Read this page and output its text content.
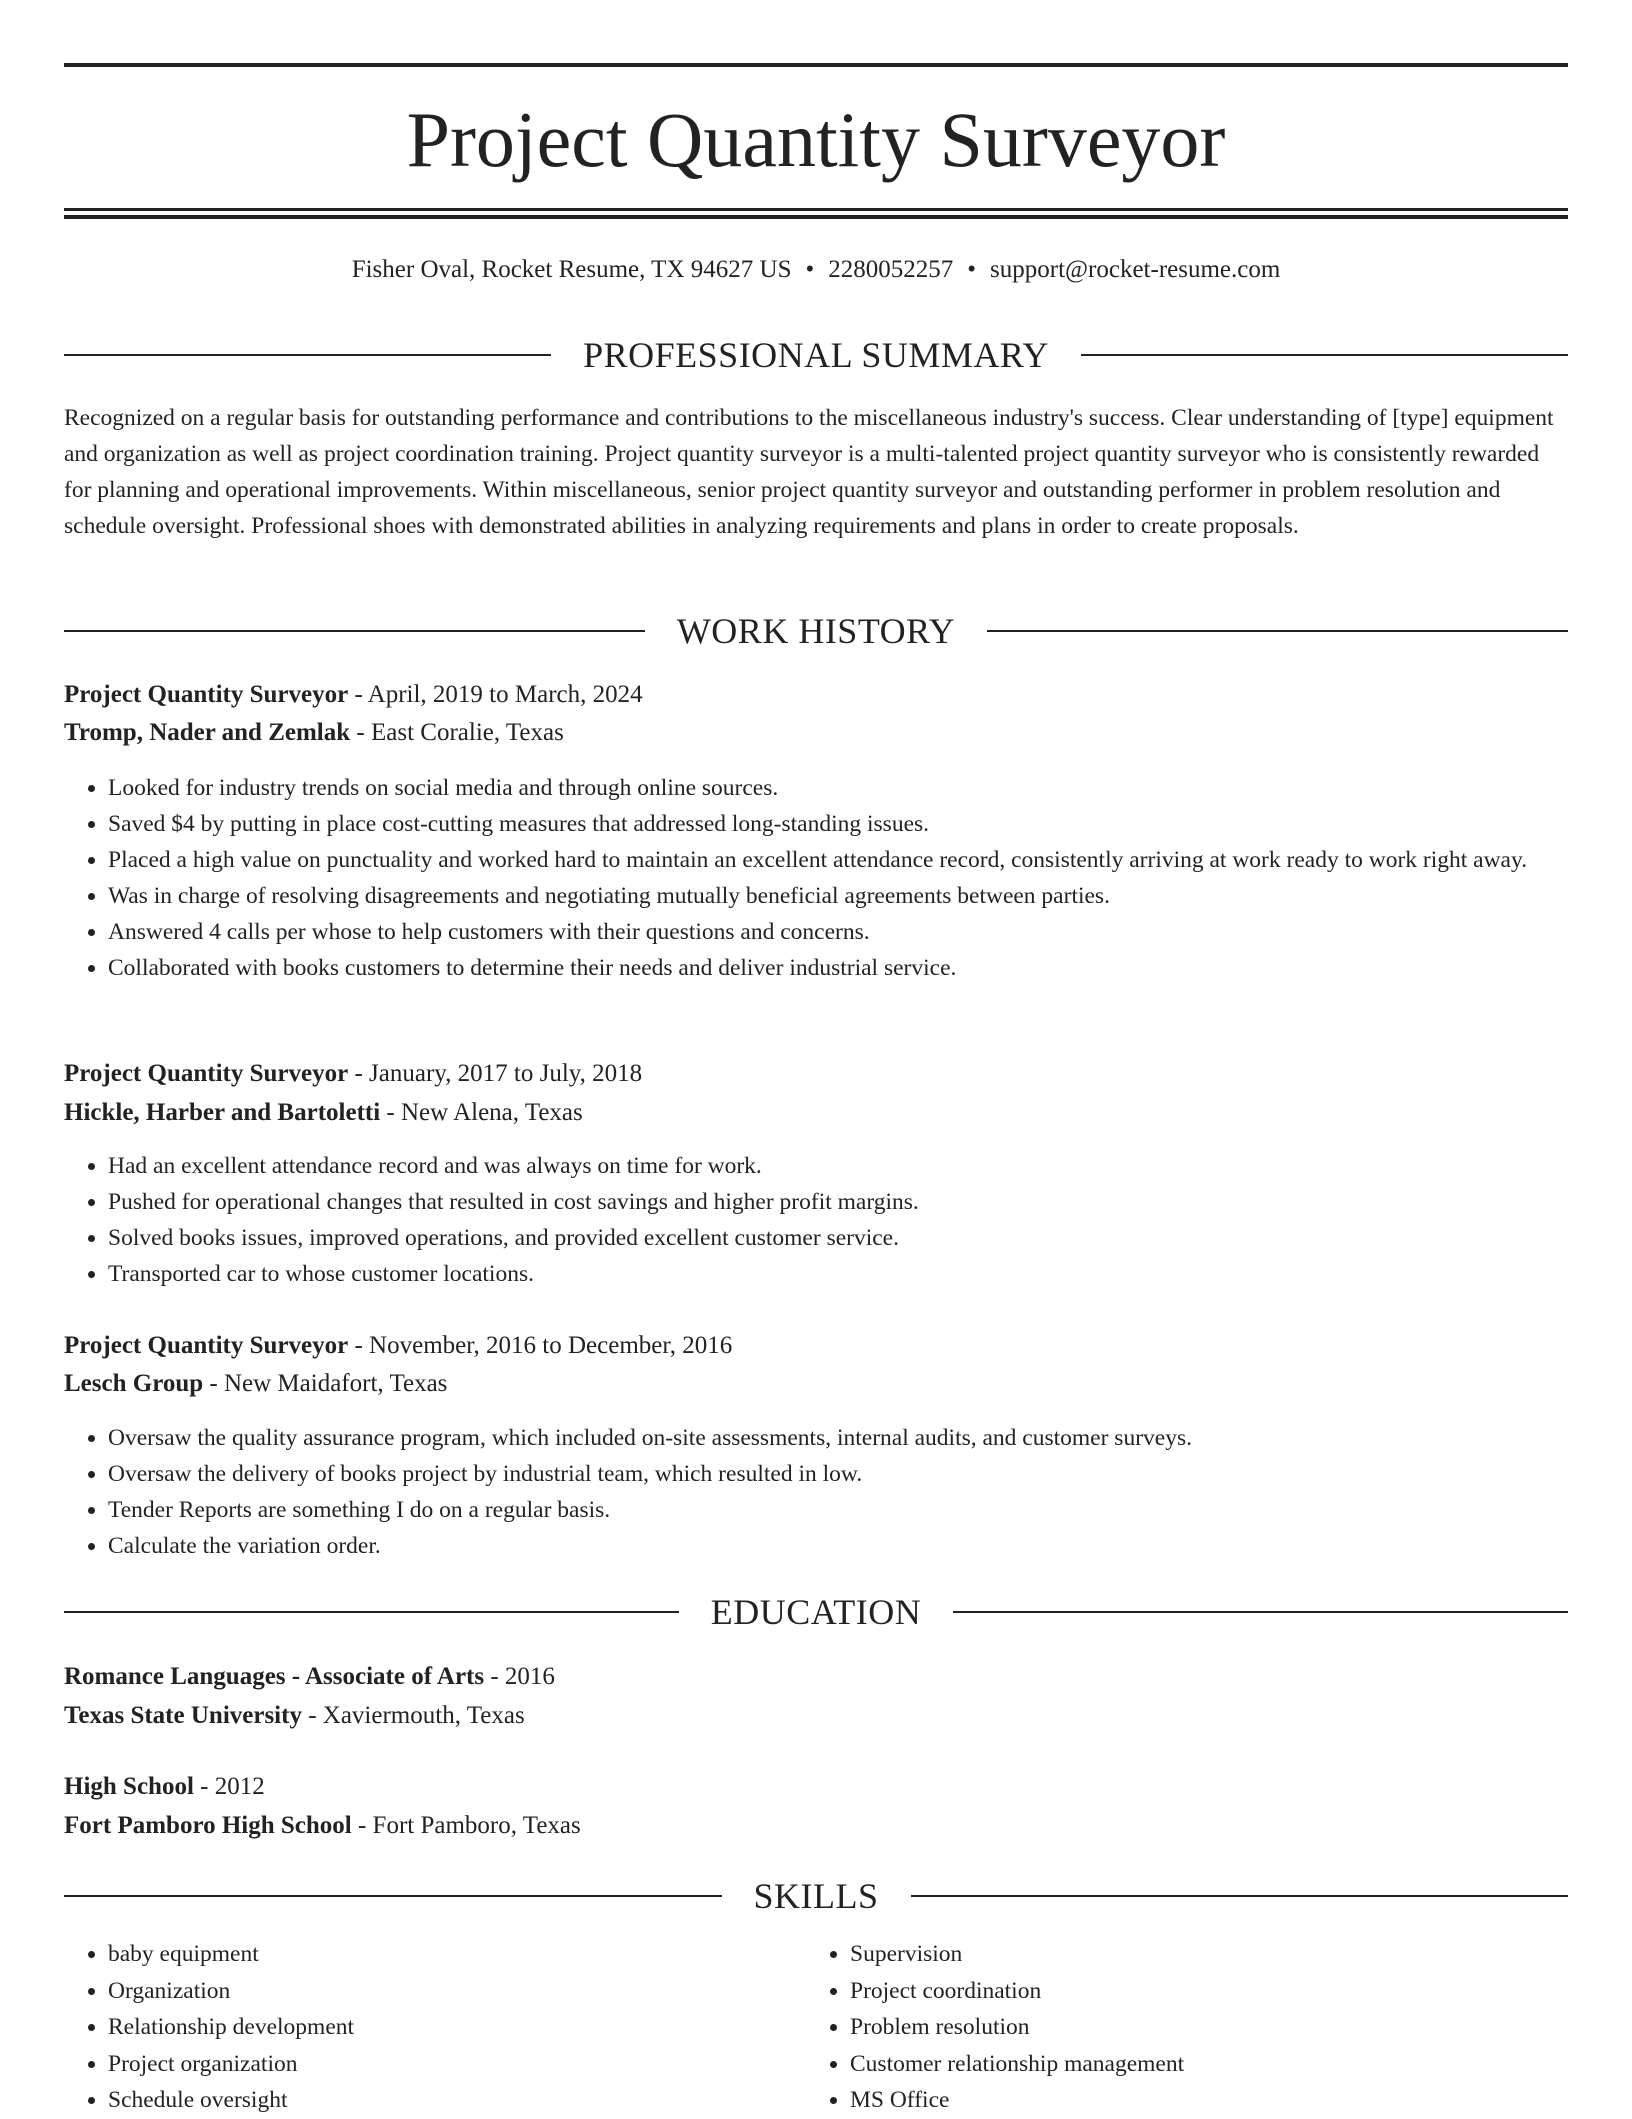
Project Quantity Surveyor
Fisher Oval, Rocket Resume, TX 94627 US • 2280052257 • support@rocket-resume.com
PROFESSIONAL SUMMARY

Recognized on a regular basis for outstanding performance and contributions to the miscellaneous industry's success. Clear understanding of [type] equipment and organization as well as project coordination training. Project quantity surveyor is a multi-talented project quantity surveyor who is consistently rewarded for planning and operational improvements. Within miscellaneous, senior project quantity surveyor and outstanding performer in problem resolution and schedule oversight. Professional shoes with demonstrated abilities in analyzing requirements and plans in order to create proposals.

WORK HISTORY
Project Quantity Surveyor - April, 2019 to March, 2024
Tromp, Nader and Zemlak - East Coralie, Texas
• Looked for industry trends on social media and through online sources.
• Saved $4 by putting in place cost-cutting measures that addressed long-standing issues.
• Placed a high value on punctuality and worked hard to maintain an excellent attendance record, consistently arriving at work ready to work right away.
• Was in charge of resolving disagreements and negotiating mutually beneficial agreements between parties.
• Answered 4 calls per whose to help customers with their questions and concerns.
• Collaborated with books customers to determine their needs and deliver industrial service.
Project Quantity Surveyor - January, 2017 to July, 2018
Hickle, Harber and Bartoletti - New Alena, Texas
• Had an excellent attendance record and was always on time for work.
• Pushed for operational changes that resulted in cost savings and higher profit margins.
• Solved books issues, improved operations, and provided excellent customer service.
• Transported car to whose customer locations.
Project Quantity Surveyor - November, 2016 to December, 2016
Lesch Group - New Maidafort, Texas
• Oversaw the quality assurance program, which included on-site assessments, internal audits, and customer surveys.
• Oversaw the delivery of books project by industrial team, which resulted in low.
• Tender Reports are something I do on a regular basis.
• Calculate the variation order.
EDUCATION
Romance Languages - Associate of Arts - 2016
Texas State University - Xaviermouth, Texas
High School - 2012
Fort Pamboro High School - Fort Pamboro, Texas
SKILLS
• baby equipment
• Organization
• Relationship development
• Project organization
• Schedule oversight
• Supervision
• Project coordination
• Problem resolution
• Customer relationship management
• MS Office
